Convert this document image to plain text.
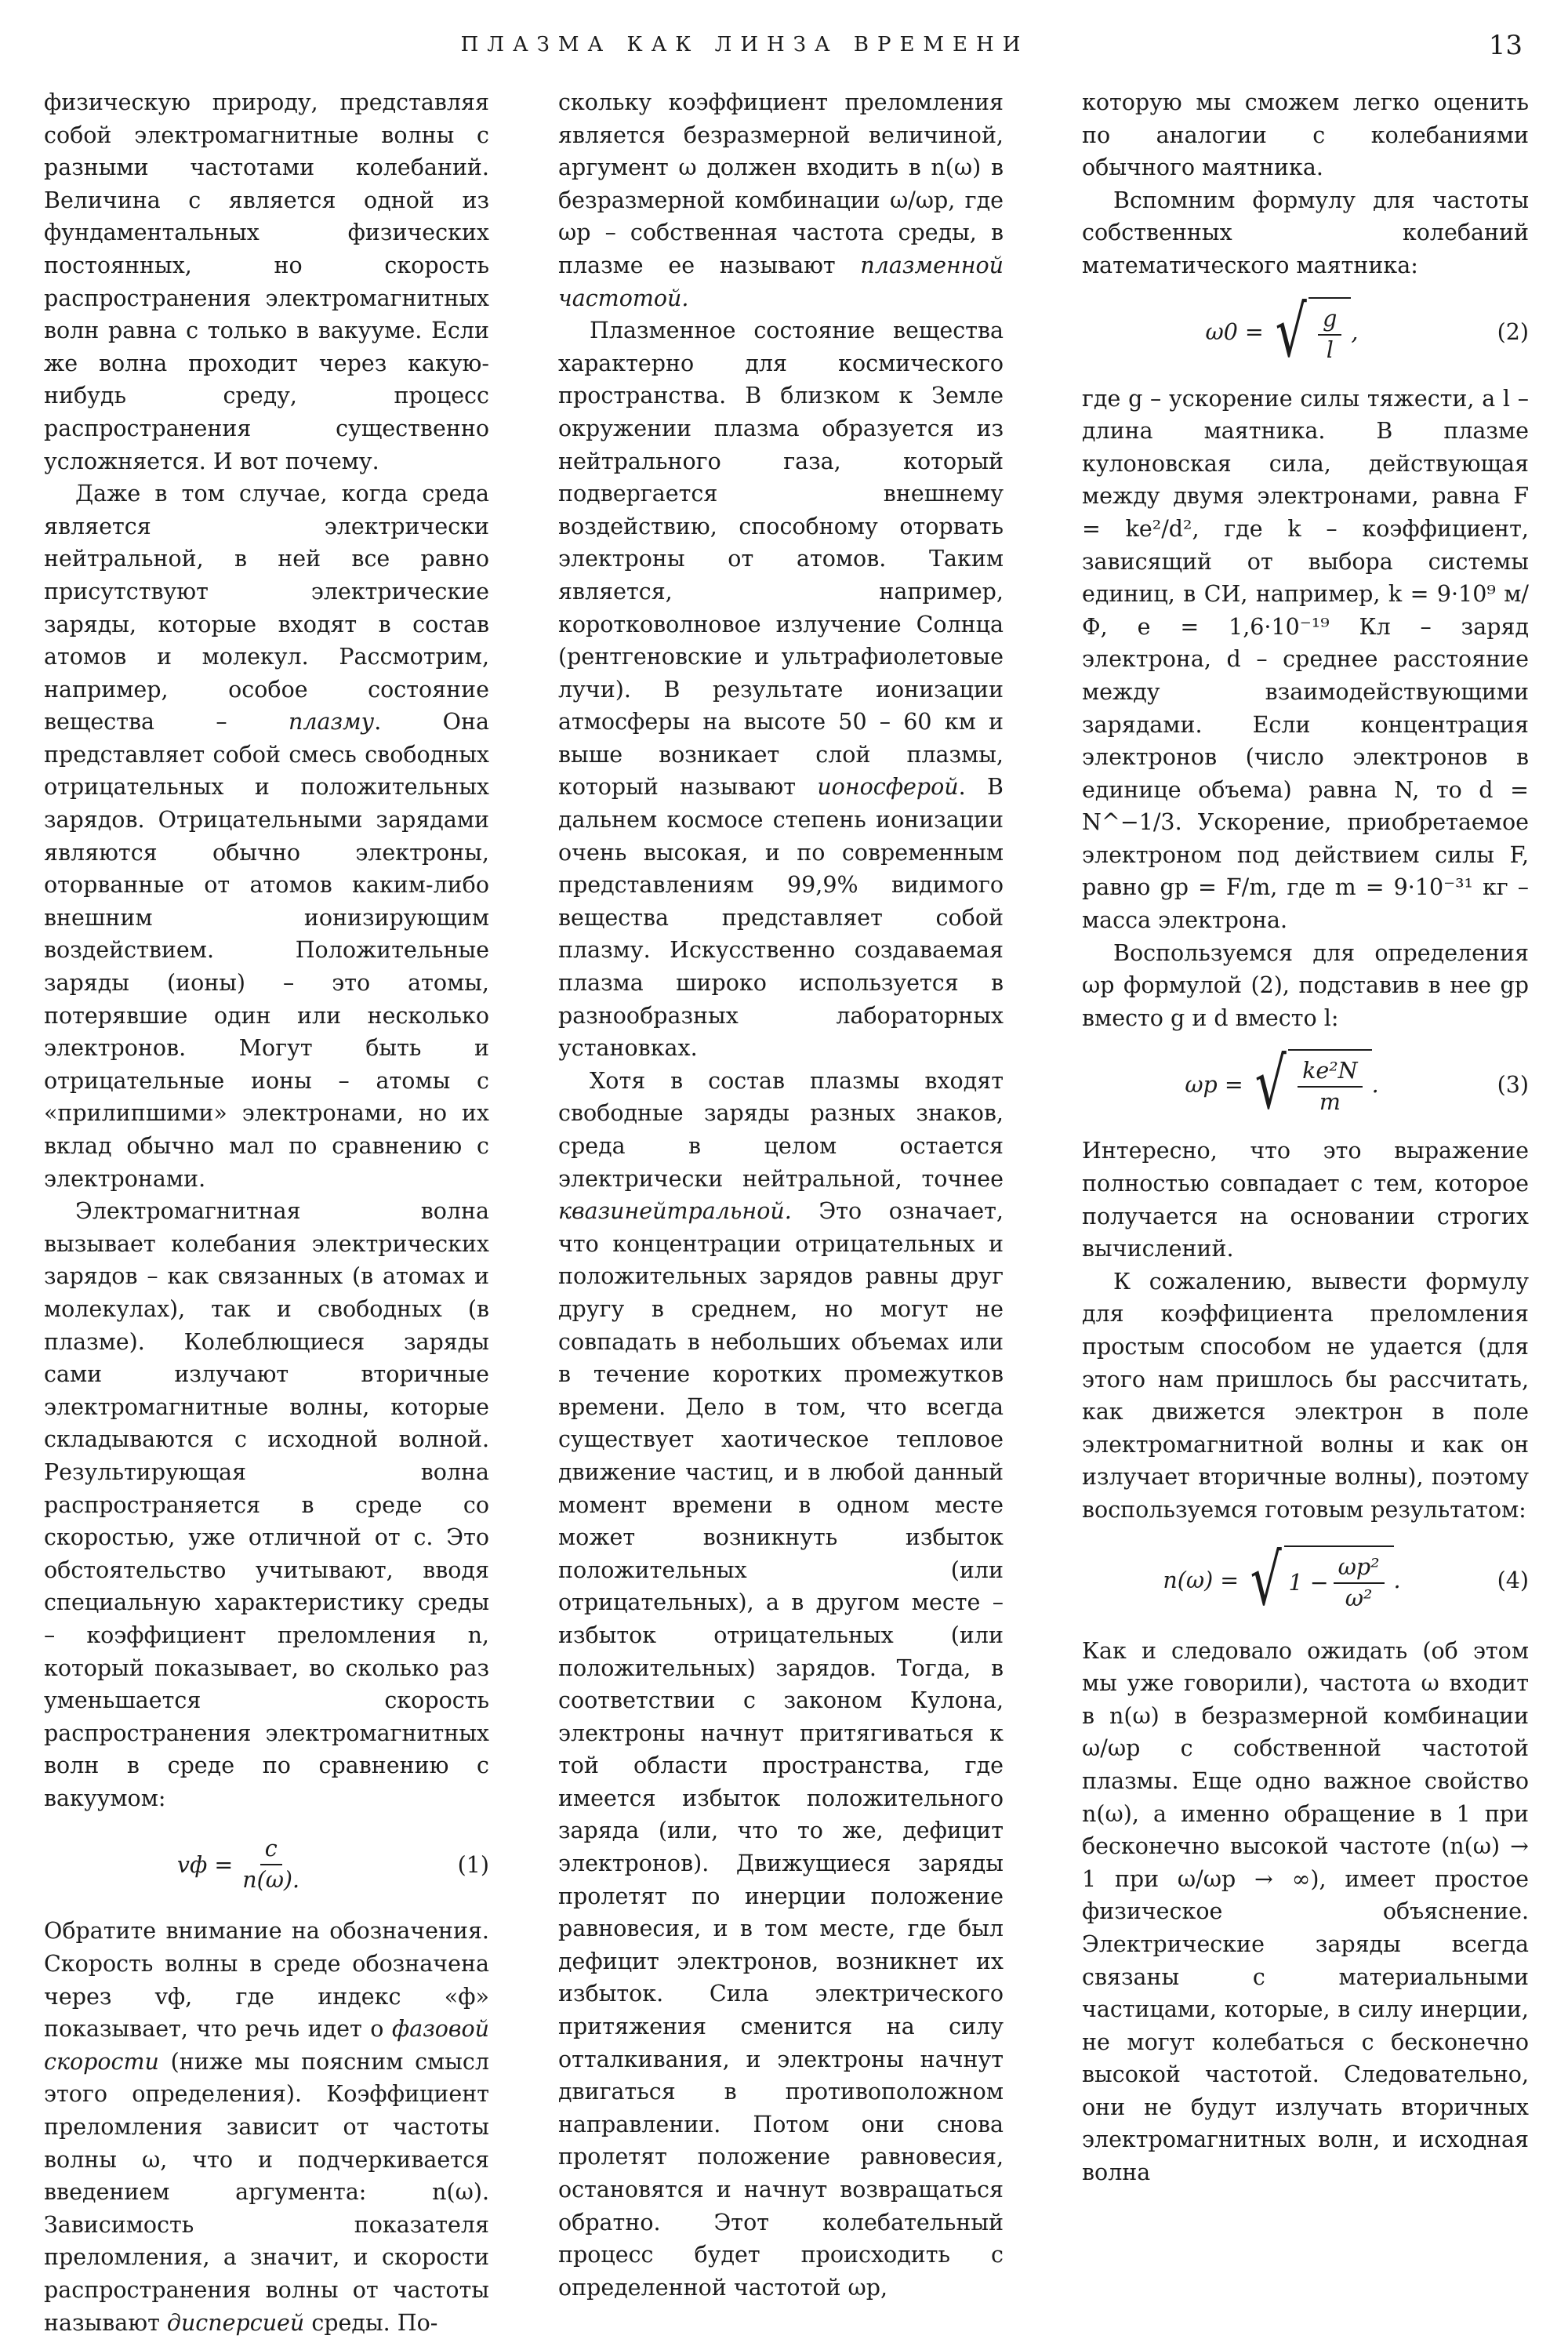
ПЛАЗМА КАК ЛИНЗА ВРЕМЕНИ	13

физическую природу, представляя собой электромагнитные волны с разными частотами колебаний. Величина c является одной из фундаментальных физических постоянных, но скорость распространения электромагнитных волн равна c только в вакууме. Если же волна проходит через какую-нибудь среду, процесс распространения существенно усложняется. И вот почему.

Даже в том случае, когда среда является электрически нейтральной, в ней все равно присутствуют электрические заряды, которые входят в состав атомов и молекул. Рассмотрим, например, особое состояние вещества – плазму. Она представляет собой смесь свободных отрицательных и положительных зарядов. Отрицательными зарядами являются обычно электроны, оторванные от атомов каким-либо внешним ионизирующим воздействием. Положительные заряды (ионы) – это атомы, потерявшие один или несколько электронов. Могут быть и отрицательные ионы – атомы с «прилипшими» электронами, но их вклад обычно мал по сравнению с электронами.

Электромагнитная волна вызывает колебания электрических зарядов – как связанных (в атомах и молекулах), так и свободных (в плазме). Колеблющиеся заряды сами излучают вторичные электромагнитные волны, которые складываются с исходной волной. Результирующая волна распространяется в среде со скоростью, уже отличной от c. Это обстоятельство учитывают, вводя специальную характеристику среды – коэффициент преломления n, который показывает, во сколько раз уменьшается скорость распространения электромагнитных волн в среде по сравнению с вакуумом:

vф = $\frac{c}{n(\omega).}$	(1)

Обратите внимание на обозначения. Скорость волны в среде обозначена через vф, где индекс «ф» показывает, что речь идет о фазовой скорости (ниже мы поясним смысл этого определения). Коэффициент преломления зависит от частоты волны ω, что и подчеркивается введением аргумента: n(ω). Зависимость показателя преломления, а значит, и скорости распространения волны от частоты называют дисперсией среды. По-

скольку коэффициент преломления является безразмерной величиной, аргумент ω должен входить в n(ω) в безразмерной комбинации ω/ωp, где ωp – собственная частота среды, в плазме ее называют плазменной частотой.

Плазменное состояние вещества характерно для космического пространства. В близком к Земле окружении плазма образуется из нейтрального газа, который подвергается внешнему воздействию, способному оторвать электроны от атомов. Таким является, например, коротковолновое излучение Солнца (рентгеновские и ультрафиолетовые лучи). В результате ионизации атмосферы на высоте 50 – 60 км и выше возникает слой плазмы, который называют ионосферой. В дальнем космосе степень ионизации очень высокая, и по современным представлениям 99,9% видимого вещества представляет собой плазму. Искусственно создаваемая плазма широко используется в разнообразных лабораторных установках.

Хотя в состав плазмы входят свободные заряды разных знаков, среда в целом остается электрически нейтральной, точнее квазинейтральной. Это означает, что концентрации отрицательных и положительных зарядов равны друг другу в среднем, но могут не совпадать в небольших объемах или в течение коротких промежутков времени. Дело в том, что всегда существует хаотическое тепловое движение частиц, и в любой данный момент времени в одном месте может возникнуть избыток положительных (или отрицательных), а в другом месте – избыток отрицательных (или положительных) зарядов. Тогда, в соответствии с законом Кулона, электроны начнут притягиваться к той области пространства, где имеется избыток положительного заряда (или, что то же, дефицит электронов). Движущиеся заряды пролетят по инерции положение равновесия, и в том месте, где был дефицит электронов, возникнет их избыток. Сила электрического притяжения сменится на силу отталкивания, и электроны начнут двигаться в противоположном направлении. Потом они снова пролетят положение равновесия, остановятся и начнут возвращаться обратно. Этот колебательный процесс будет происходить с определенной частотой ωp,

которую мы сможем легко оценить по аналогии с колебаниями обычного маятника.

Вспомним формулу для частоты собственных колебаний математического маятника:

ω0 = √ $\frac{g}{l}$ ,	(2)

где g – ускорение силы тяжести, а l – длина маятника. В плазме кулоновская сила, действующая между двумя электронами, равна F = ke²/d², где k – коэффициент, зависящий от выбора системы единиц, в СИ, например, k = 9·10⁹ м/Ф, e = 1,6·10⁻¹⁹ Кл – заряд электрона, d – среднее расстояние между взаимодействующими зарядами. Если концентрация электронов (число электронов в единице объема) равна N, то d = N^−1/3. Ускорение, приобретаемое электроном под действием силы F, равно gp = F/m, где m = 9·10⁻³¹ кг – масса электрона.

Воспользуемся для определения ωp формулой (2), подставив в нее gp вместо g и d вместо l:

ωp = √ $\frac{\text{ke²N}}{m}$ .	(3)

Интересно, что это выражение полностью совпадает с тем, которое получается на основании строгих вычислений.

К сожалению, вывести формулу для коэффициента преломления простым способом не удается (для этого нам пришлось бы рассчитать, как движется электрон в поле электромагнитной волны и как он излучает вторичные волны), поэтому воспользуемся готовым результатом:

n(ω) = √ $1 - \frac{\text{ωp²}}{\text{ω²}}$ .	(4)

Как и следовало ожидать (об этом мы уже говорили), частота ω входит в n(ω) в безразмерной комбинации ω/ωp с собственной частотой плазмы. Еще одно важное свойство n(ω), а именно обращение в 1 при бесконечно высокой частоте (n(ω) → 1 при ω/ωp → ∞), имеет простое физическое объяснение. Электрические заряды всегда связаны с материальными частицами, которые, в силу инерции, не могут колебаться с бесконечно высокой частотой. Следовательно, они не будут излучать вторичных электромагнитных волн, и исходная волна
